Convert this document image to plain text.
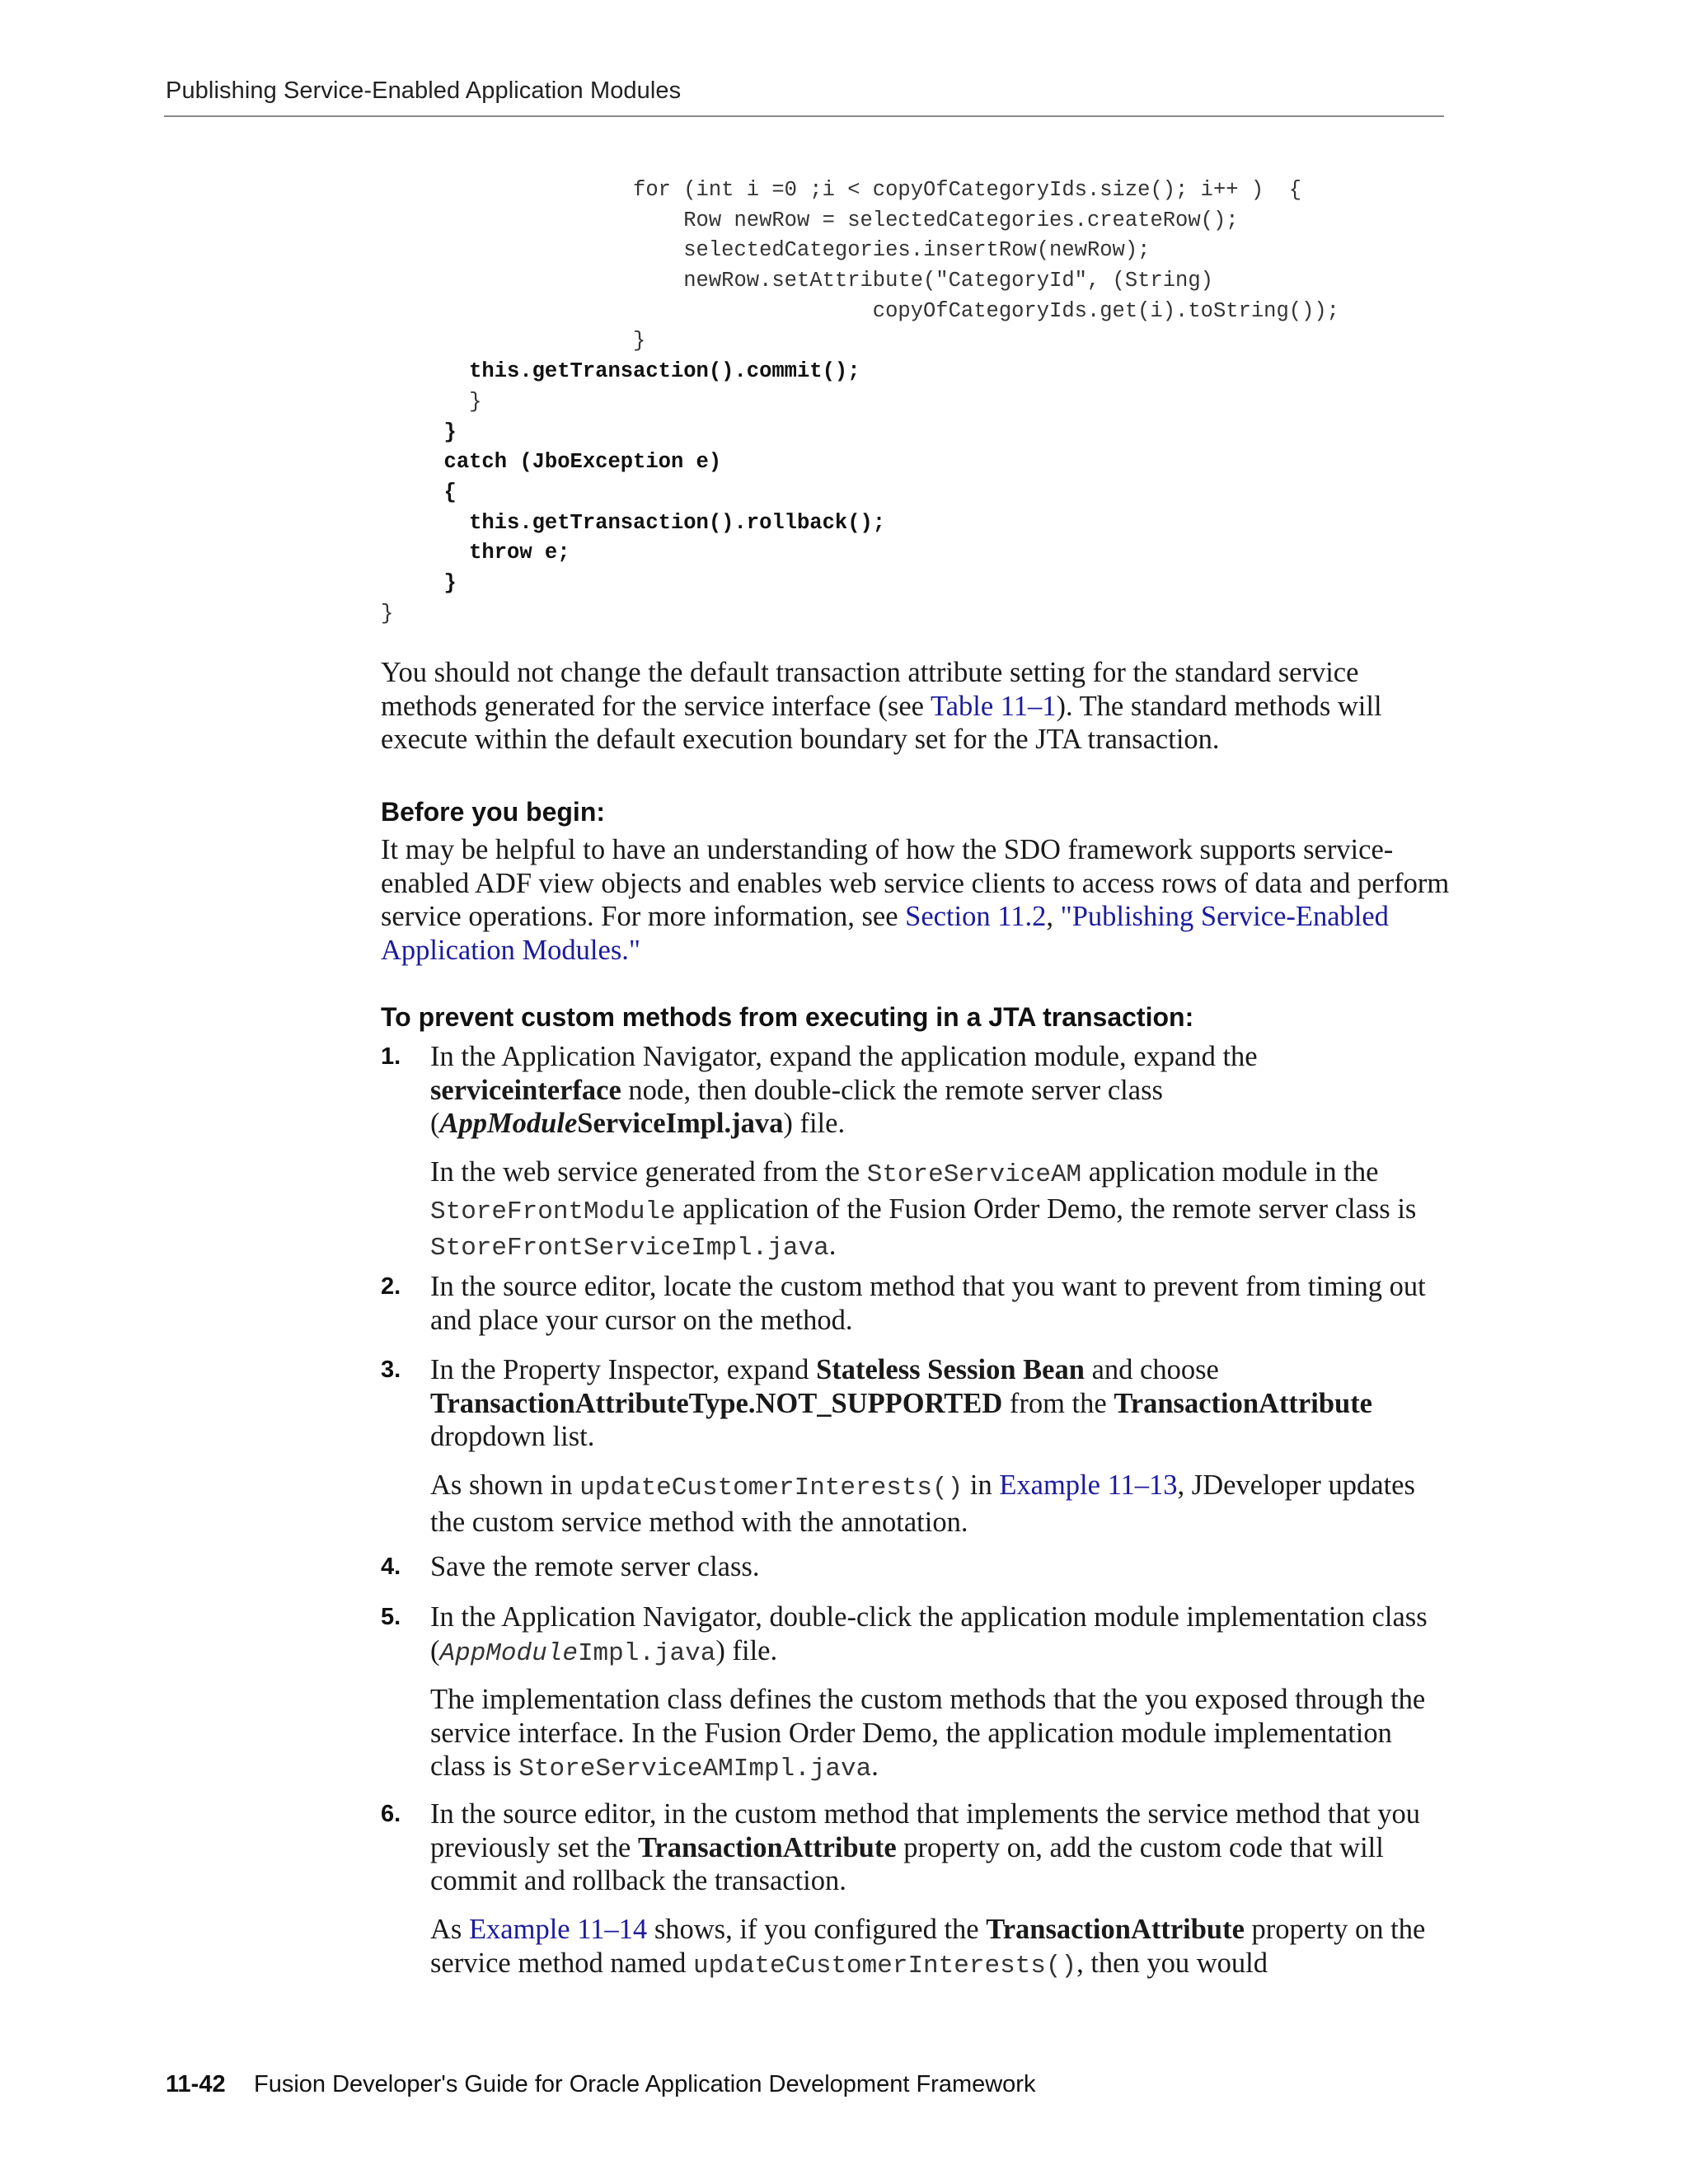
Publishing Service-Enabled Application Modules
for (int i =0 ;i < copyOfCategoryIds.size(); i++ )  {
Row newRow = selectedCategories.createRow();
selectedCategories.insertRow(newRow);
newRow.setAttribute("CategoryId", (String)
copyOfCategoryIds.get(i).toString());
}
this.getTransaction().commit();
}
}
catch (JboException e)
{
this.getTransaction().rollback();
throw e;
}
}
You should not change the default transaction attribute setting for the standard service methods generated for the service interface (see Table 11–1). The standard methods will execute within the default execution boundary set for the JTA transaction.
Before you begin:
It may be helpful to have an understanding of how the SDO framework supports service-enabled ADF view objects and enables web service clients to access rows of data and perform service operations. For more information, see Section 11.2, "Publishing Service-Enabled Application Modules."
To prevent custom methods from executing in a JTA transaction:
1. In the Application Navigator, expand the application module, expand the serviceinterface node, then double-click the remote server class (AppModuleServiceImpl.java) file.
In the web service generated from the StoreServiceAM application module in the StoreFrontModule application of the Fusion Order Demo, the remote server class is StoreFrontServiceImpl.java.
2. In the source editor, locate the custom method that you want to prevent from timing out and place your cursor on the method.
3. In the Property Inspector, expand Stateless Session Bean and choose TransactionAttributeType.NOT_SUPPORTED from the TransactionAttribute dropdown list.
As shown in updateCustomerInterests() in Example 11–13, JDeveloper updates the custom service method with the annotation.
4. Save the remote server class.
5. In the Application Navigator, double-click the application module implementation class (AppModuleImpl.java) file.
The implementation class defines the custom methods that the you exposed through the service interface. In the Fusion Order Demo, the application module implementation class is StoreServiceAMImpl.java.
6. In the source editor, in the custom method that implements the service method that you previously set the TransactionAttribute property on, add the custom code that will commit and rollback the transaction.
As Example 11–14 shows, if you configured the TransactionAttribute property on the service method named updateCustomerInterests(), then you would
11-42 Fusion Developer's Guide for Oracle Application Development Framework
